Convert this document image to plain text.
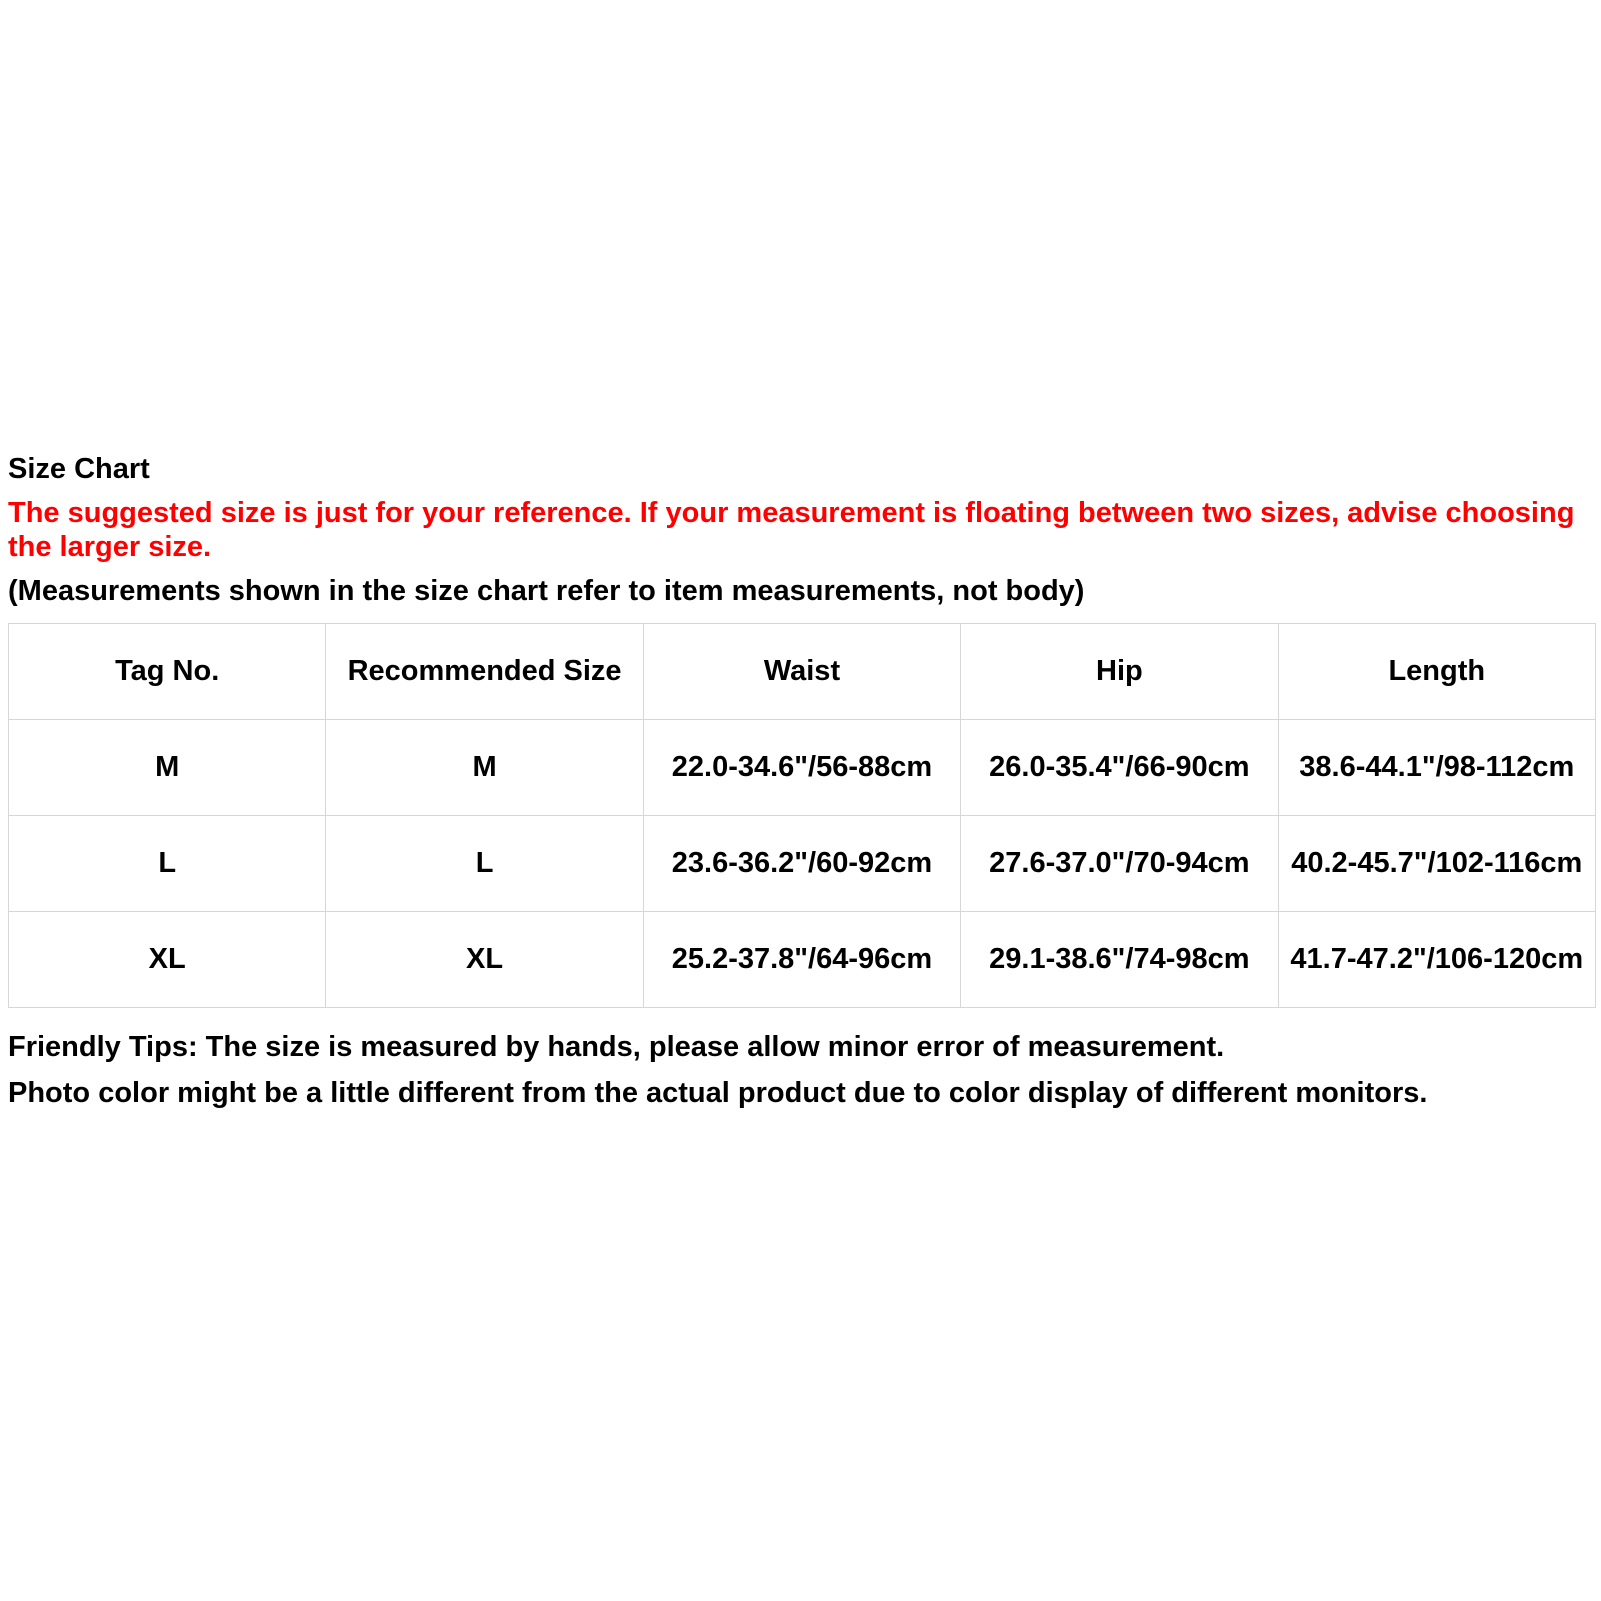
Size Chart

The suggested size is just for your reference. If your measurement is floating between two sizes, advise choosing the larger size.

(Measurements shown in the size chart refer to item measurements, not body)

Tag No.	Recommended Size	Waist	Hip	Length
M	M	22.0-34.6"/56-88cm	26.0-35.4"/66-90cm	38.6-44.1"/98-112cm
L	L	23.6-36.2"/60-92cm	27.6-37.0"/70-94cm	40.2-45.7"/102-116cm
XL	XL	25.2-37.8"/64-96cm	29.1-38.6"/74-98cm	41.7-47.2"/106-120cm
Friendly Tips: The size is measured by hands, please allow minor error of measurement.
Photo color might be a little different from the actual product due to color display of different monitors.
